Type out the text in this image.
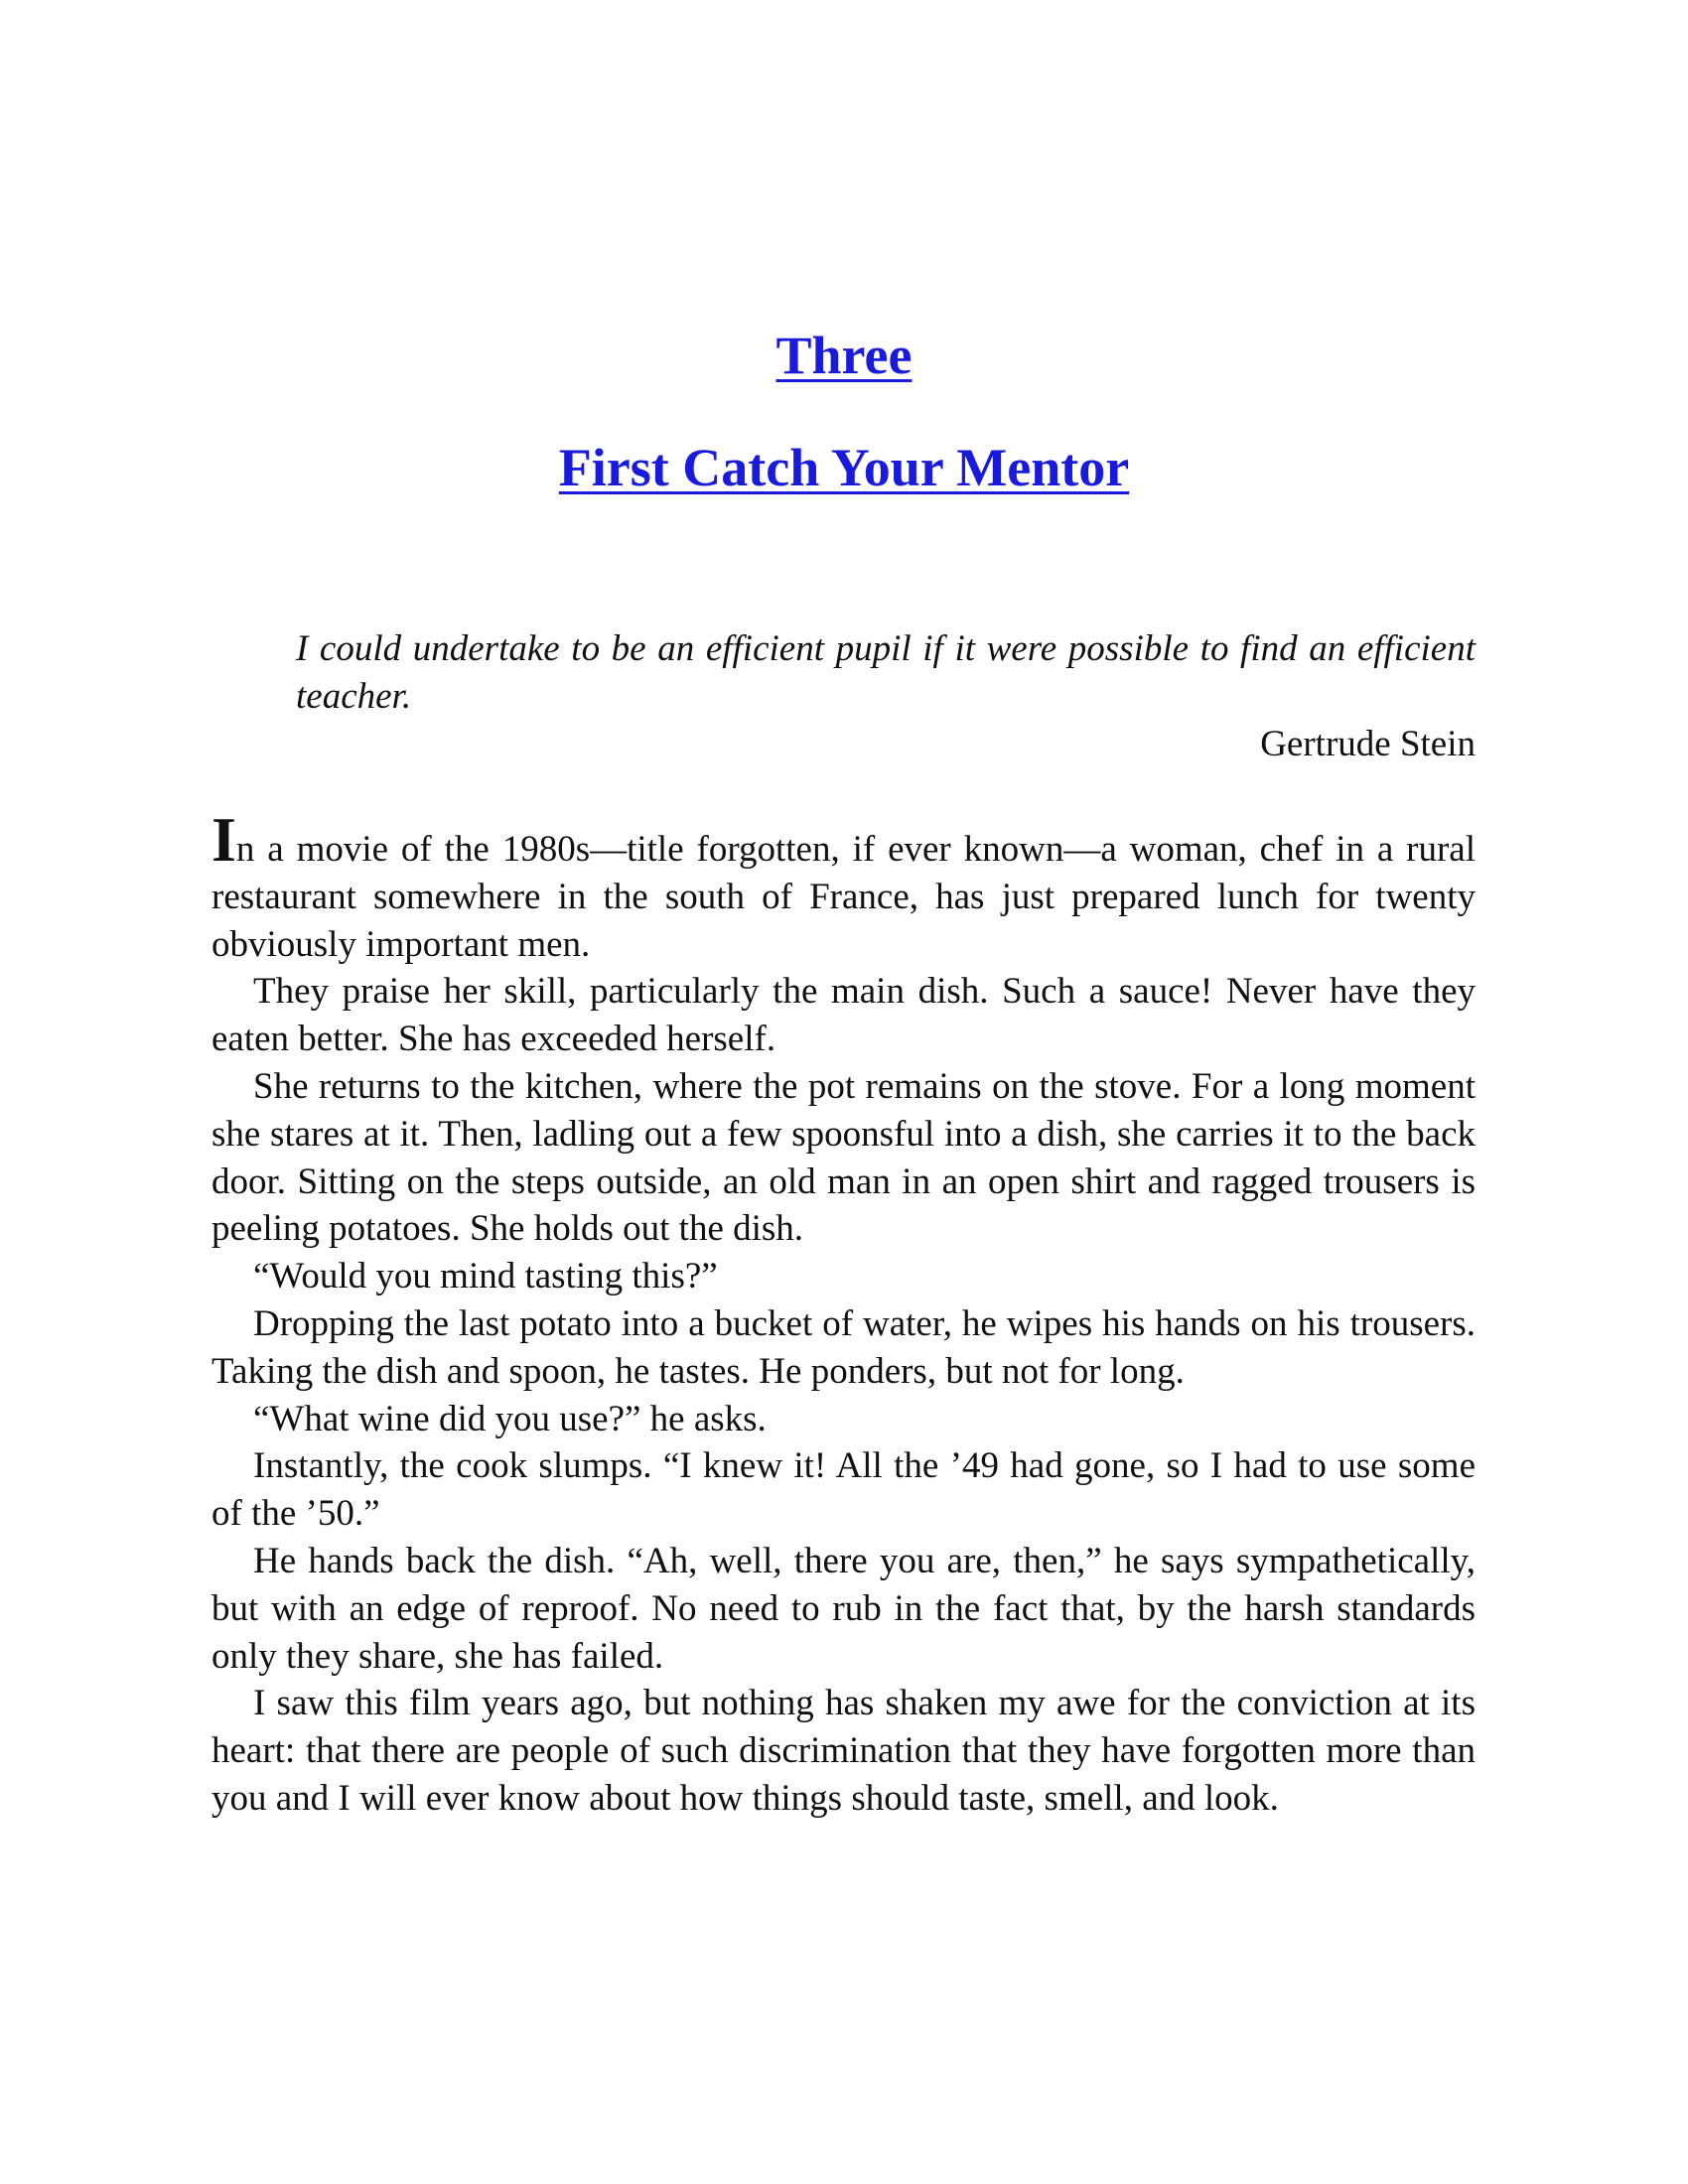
Three
First Catch Your Mentor

I could undertake to be an efficient pupil if it were possible to find an efficient teacher.

Gertrude Stein

In a movie of the 1980s—title forgotten, if ever known—a woman, chef in a rural restaurant somewhere in the south of France, has just prepared lunch for twenty obviously important men.

They praise her skill, particularly the main dish. Such a sauce! Never have they eaten better. She has exceeded herself.

She returns to the kitchen, where the pot remains on the stove. For a long moment she stares at it. Then, ladling out a few spoonsful into a dish, she carries it to the back door. Sitting on the steps outside, an old man in an open shirt and ragged trousers is peeling potatoes. She holds out the dish.

“Would you mind tasting this?”

Dropping the last potato into a bucket of water, he wipes his hands on his trousers. Taking the dish and spoon, he tastes. He ponders, but not for long.

“What wine did you use?” he asks.

Instantly, the cook slumps. “I knew it! All the ’49 had gone, so I had to use some of the ’50.”

He hands back the dish. “Ah, well, there you are, then,” he says sympathetically, but with an edge of reproof. No need to rub in the fact that, by the harsh standards only they share, she has failed.

I saw this film years ago, but nothing has shaken my awe for the conviction at its heart: that there are people of such discrimination that they have forgotten more than you and I will ever know about how things should taste, smell, and look.
